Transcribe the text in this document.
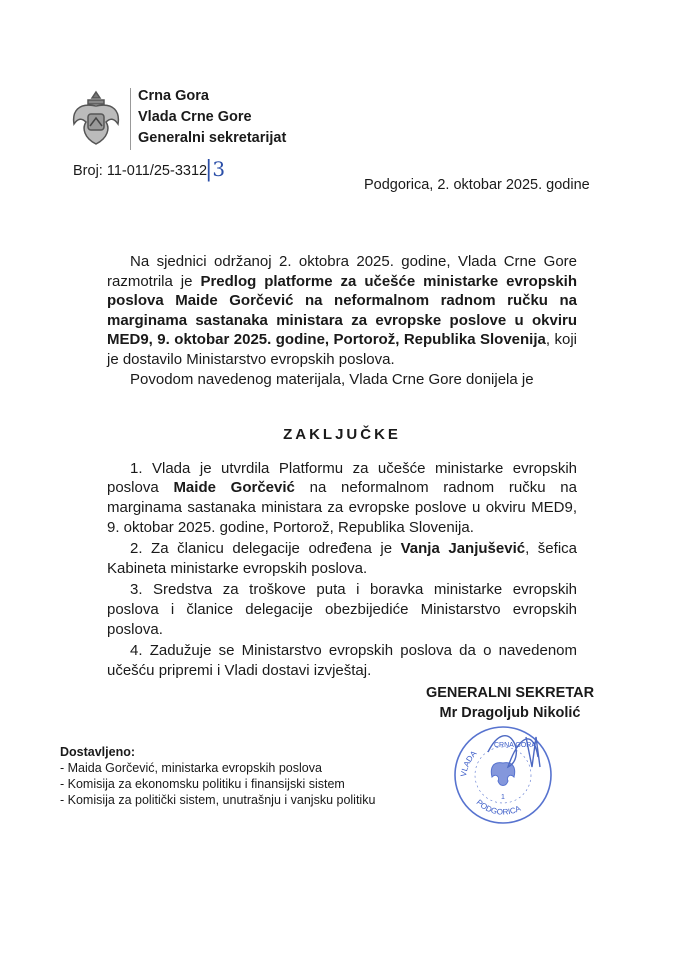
Crna Gora
Vlada Crne Gore
Generalni sekretarijat
Broj: 11-011/25-3312
|3
Podgorica, 2. oktobar 2025. godine

Na sjednici održanoj 2. oktobra 2025. godine, Vlada Crne Gore razmotrila je Predlog platforme za učešće ministarke evropskih poslova Maide Gorčević na neformalnom radnom ručku na marginama sastanaka ministara za evropske poslove u okviru MED9, 9. oktobar 2025. godine, Portorož, Republika Slovenija, koji je dostavilo Ministarstvo evropskih poslova.

Povodom navedenog materijala, Vlada Crne Gore donijela je

ZAKLJUČKE

1. Vlada je utvrdila Platformu za učešće ministarke evropskih poslova Maide Gorčević na neformalnom radnom ručku na marginama sastanaka ministara za evropske poslove u okviru MED9, 9. oktobar 2025. godine, Portorož, Republika Slovenija.

2. Za članicu delegacije određena je Vanja Janjušević, šefica Kabineta ministarke evropskih poslova.

3. Sredstva za troškove puta i boravka ministarke evropskih poslova i članice delegacije obezbijediće Ministarstvo evropskih poslova.

4. Zadužuje se Ministarstvo evropskih poslova da o navedenom učešću pripremi i Vladi dostavi izvještaj.

GENERALNI SEKRETAR
Mr Dragoljub Nikolić
Dostavljeno:
- Maida Gorčević, ministarka evropskih poslova
- Komisija za ekonomsku politiku i finansijski sistem
- Komisija za politički sistem, unutrašnju i vanjsku politiku
VLADA
CRNA GORA
1
PODGORICA
